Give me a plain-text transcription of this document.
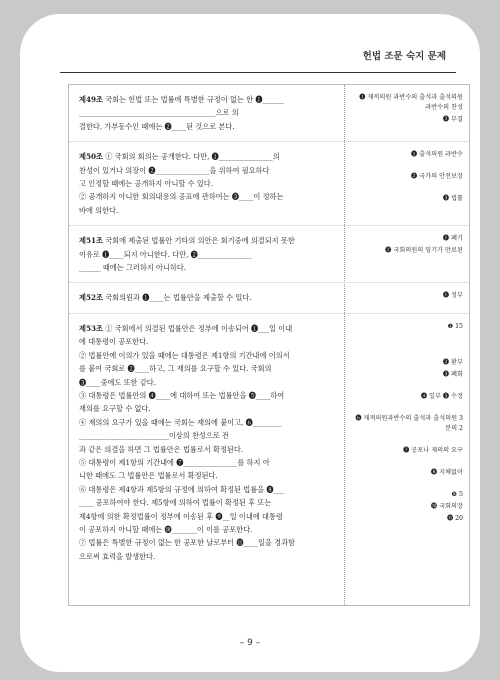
헌법 조문 숙지 문제

제49조 국회는 헌법 또는 법률에 특별한 규정이 없는 한 ❶______

______________________________________으로 의

결한다. 가부동수인 때에는 ❷____된 것으로 본다.

❶ 재적의원 과반수의 출석과 출석의원 과반수의 찬성

❷ 부결

제50조 ① 국회의 회의는 공개한다. 다만, ❶_______________의

찬성이 있거나 의장이 ❷_______________을 위하여 필요하다

고 인정할 때에는 공개하지 아니할 수 있다.

② 공개하지 아니한 회의내용의 공표에 관하여는 ❸____이 정하는

바에 의한다.

❶ 출석의원 과반수

❷ 국가의 안전보장

❸ 법률

제51조 국회에 제출된 법률안 기타의 의안은 회기중에 의결되지 못한

이유로 ❶____되지 아니한다. 다만, ❷_______________

______ 때에는 그러하지 아니하다.

❶ 폐기

❷ 국회의원의 임기가 만료된

제52조 국회의원과 ❶____는 법률안을 제출할 수 있다.	❶ 정부

제53조 ① 국회에서 의결된 법률안은 정부에 이송되어 ❶___일 이내

에 대통령이 공포한다.

② 법률안에 이의가 있을 때에는 대통령은 제1항의 기간내에 이의서

를 붙여 국회로 ❷____하고, 그 재의를 요구할 수 있다. 국회의

❸____중에도 또한 같다.

③ 대통령은 법률안의 ❹____에 대하여 또는 법률안을 ❺____하여

재의를 요구할 수 없다.

④ 재의의 요구가 있을 때에는 국회는 재의에 붙이고, ❻________

_________________________이상의 찬성으로 전

과 같은 의결을 하면 그 법률안은 법률로서 확정된다.

⑤ 대통령이 제1항의 기간내에 ❼_______________를 하지 아

니한 때에도 그 법률안은 법률로서 확정된다.

⑥ 대통령은 제4항과 제5항의 규정에 의하여 확정된 법률을 ❽___

____ 공포하여야 한다. 제5항에 의하여 법률이 확정된 후 또는

제4항에 의한 확정법률이 정부에 이송된 후 ❾__일 이내에 대통령

이 공포하지 아니할 때에는 ❿_______이 이를 공포한다.

⑦ 법률은 특별한 규정이 없는 한 공포한 날로부터 ⓫____일을 경과함

으로써 효력을 발생한다.

❶ 15

❷ 환부

❸ 폐회

❹ 일부 ❺ 수정

❻ 재적의원과반수의 출석과 출석의원 3분의 2

❼ 공포나 재의의 요구

❽ 지체없이

❾ 5

❿ 국회의장

⓫ 20

– 9 –
